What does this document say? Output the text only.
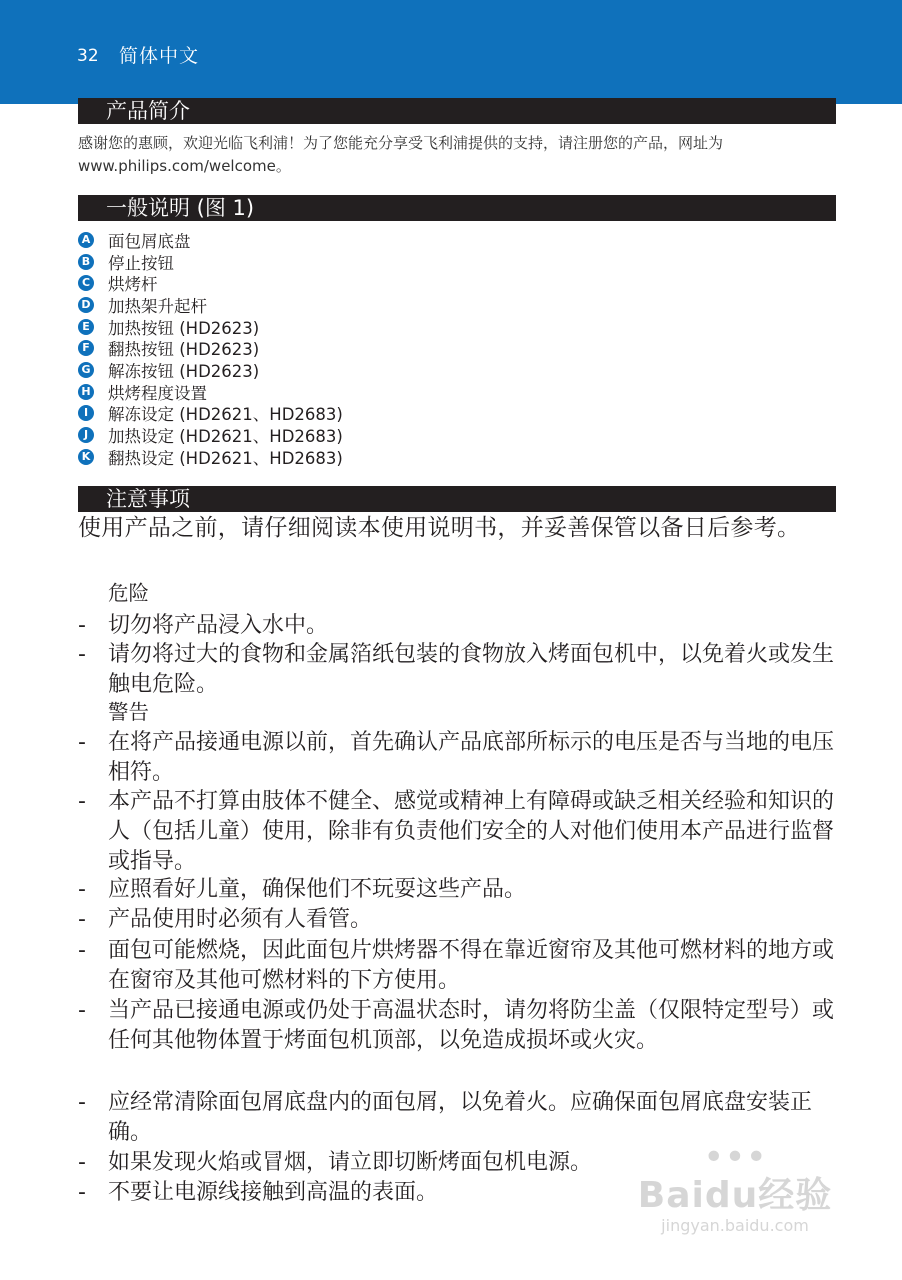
32 简体中文
产品简介

感谢您的惠顾，欢迎光临飞利浦！为了您能充分享受飞利浦提供的支持，请注册您的产品，网址为 www.philips.com/welcome。

一般说明 (图 1)
A 面包屑底盘
B 停止按钮
C 烘烤杆
D 加热架升起杆
E 加热按钮 (HD2623)
F 翻热按钮 (HD2623)
G 解冻按钮 (HD2623)
H 烘烤程度设置
I	解冻设定 (HD2621、HD2683)
J	加热设定 (HD2621、HD2683)
K 翻热设定 (HD2621、HD2683)
注意事项

使用产品之前，请仔细阅读本使用说明书，并妥善保管以备日后参考。

危险
-	切勿将产品浸入水中。
-	请勿将过大的食物和金属箔纸包装的食物放入烤面包机中，以免着火或发生触电危险。
警告
-	在将产品接通电源以前，首先确认产品底部所标示的电压是否与当地的电压相符。
-	本产品不打算由肢体不健全、感觉或精神上有障碍或缺乏相关经验和知识的人（包括儿童）使用，除非有负责他们安全的人对他们使用本产品进行监督或指导。
-	应照看好儿童，确保他们不玩耍这些产品。
-	产品使用时必须有人看管。
-	面包可能燃烧，因此面包片烘烤器不得在靠近窗帘及其他可燃材料的地方或在窗帘及其他可燃材料的下方使用。
-	当产品已接通电源或仍处于高温状态时，请勿将防尘盖（仅限特定型号）或任何其他物体置于烤面包机顶部，以免造成损坏或火灾。
-	应经常清除面包屑底盘内的面包屑，以免着火。应确保面包屑底盘安装正确。
-	如果发现火焰或冒烟，请立即切断烤面包机电源。
-	不要让电源线接触到高温的表面。
•••
Baidu经验
jingyan.baidu.com
